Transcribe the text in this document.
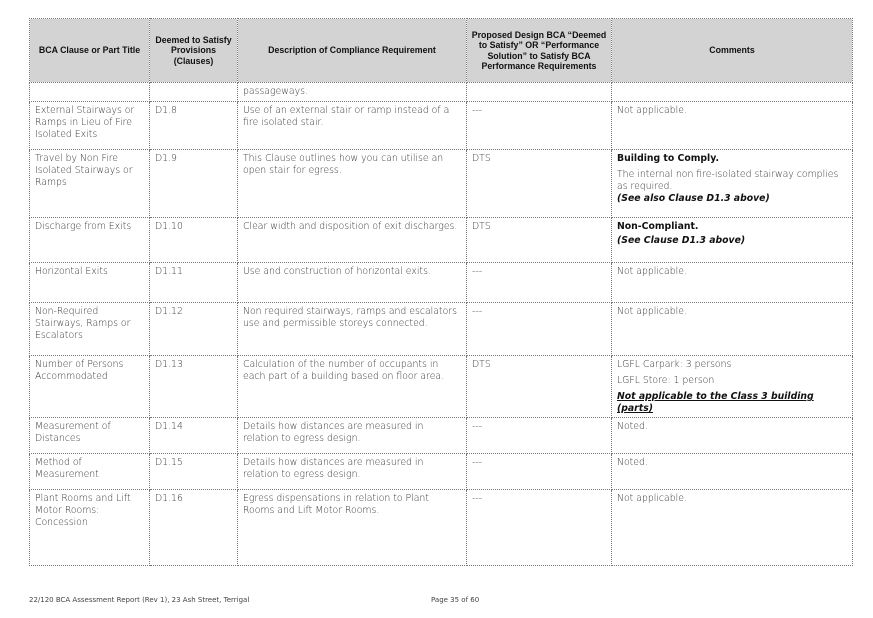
BCA Clause or Part Title	Deemed to Satisfy Provisions (Clauses)	Description of Compliance Requirement	Proposed Design BCA “Deemed to Satisfy” OR “Performance Solution” to Satisfy BCA Performance Requirements	Comments
		passageways.		
External Stairways or Ramps in Lieu of Fire Isolated Exits	D1.8	Use of an external stair or ramp instead of a fire isolated stair.	---	Not applicable.

Travel by Non Fire Isolated Stairways or Ramps	D1.9	This Clause outlines how you can utilise an open stair for egress.	DTS	Building to Comply.
The internal non fire-isolated stairway complies as required.
(See also Clause D1.3 above)

Discharge from Exits	D1.10	Clear width and disposition of exit discharges.	DTS	Non-Compliant.
(See Clause D1.3 above)

Horizontal Exits	D1.11	Use and construction of horizontal exits.	---	Not applicable.

Non-Required Stairways, Ramps or Escalators	D1.12	Non required stairways, ramps and escalators use and permissible storeys connected.	---	Not applicable.

Number of Persons Accommodated	D1.13	Calculation of the number of occupants in each part of a building based on floor area.	DTS	LGFL Carpark: 3 persons
LGFL Store: 1 person
Not applicable to the Class 3 building (parts)

Measurement of Distances	D1.14	Details how distances are measured in relation to egress design.	---	Noted.

Method of Measurement	D1.15	Details how distances are measured in relation to egress design.	---	Noted.

Plant Rooms and Lift Motor Rooms: Concession	D1.16	Egress dispensations in relation to Plant Rooms and Lift Motor Rooms.	---	Not applicable.
22/120 BCA Assessment Report (Rev 1), 23 Ash Street, Terrigal	Page 35 of 60
